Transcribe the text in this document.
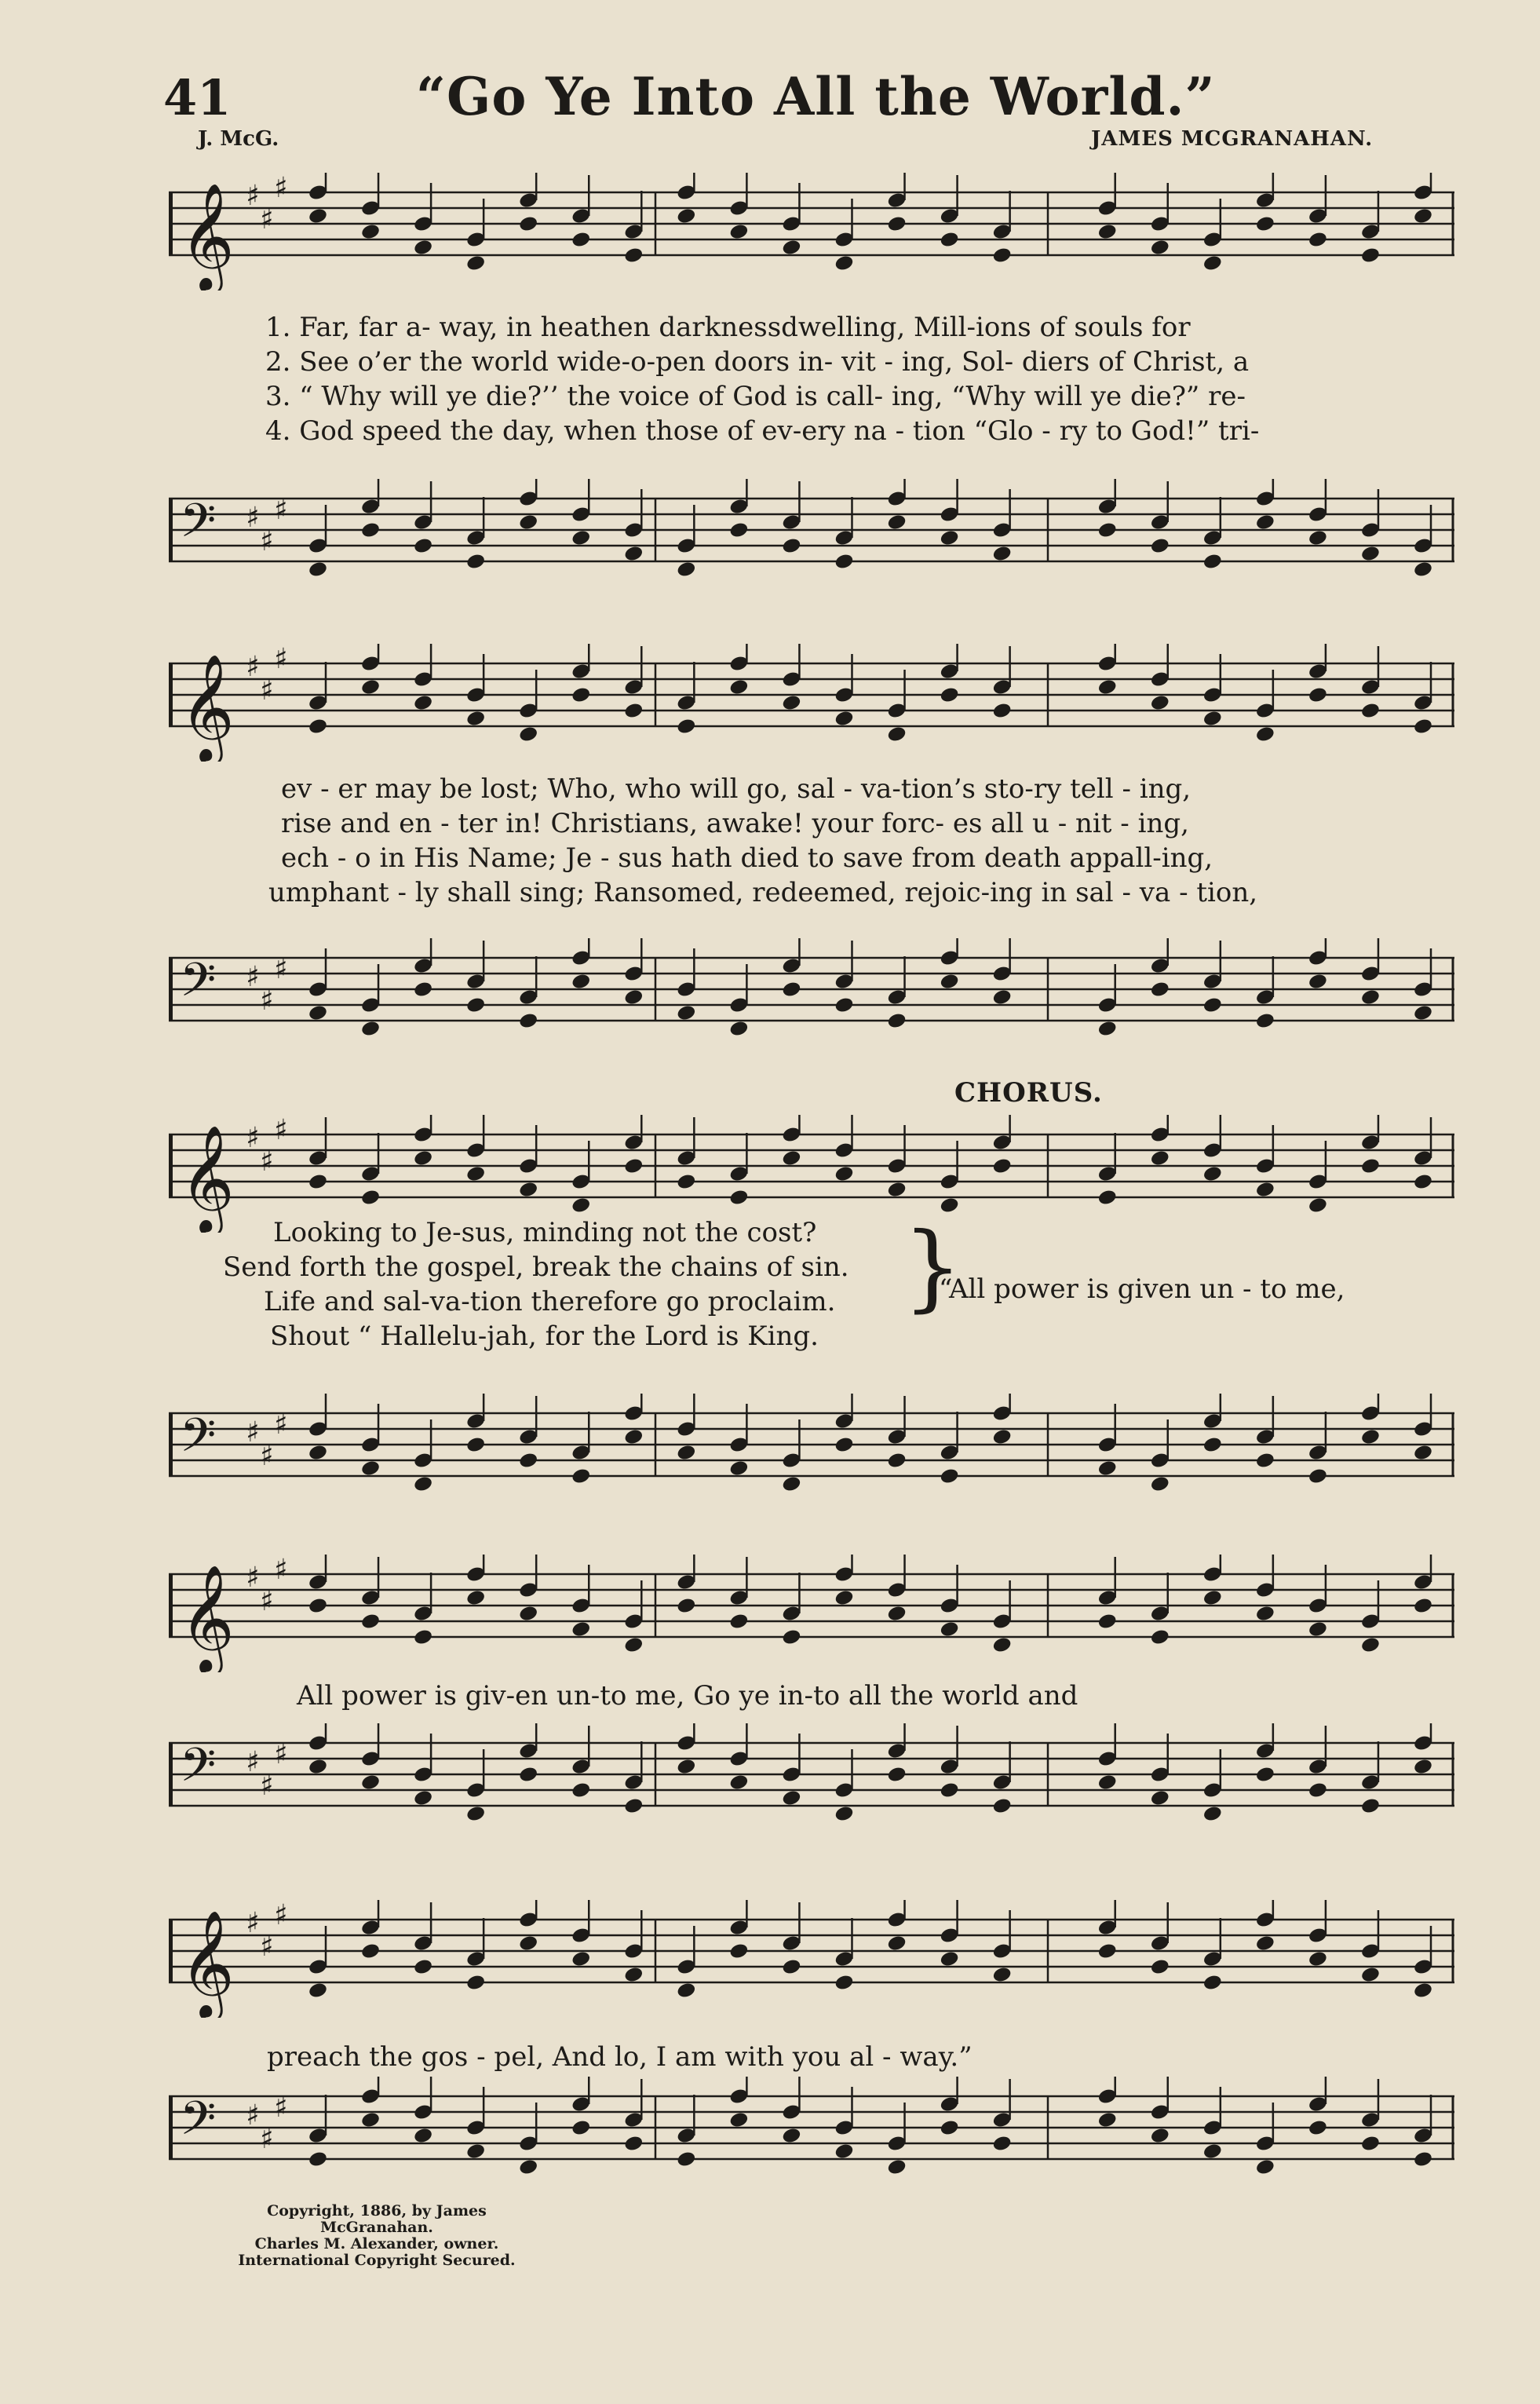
41	“Go Ye Into All the World.”
J. McG.	JAMES MCGRANAHAN.
𝄞 ♯
♯
♯
𝄢 ♯
♯
♯
1. Far, far a- way, in heathen darknessdwelling, Mill-ions of souls for
2. See o’er the world wide-o-pen doors in- vit - ing, Sol- diers of Christ, a
3. “ Why will ye die?’’ the voice of God is call- ing, “Why will ye die?” re-
4. God speed the day, when those of ev-ery na - tion “Glo - ry to God!” tri-
𝄞 ♯
♯
♯
𝄢 ♯
♯
♯
ev - er may be lost; Who, who will go, sal - va-tion’s sto-ry tell - ing,
rise and en - ter in! Christians, awake! your forc- es all u - nit - ing,
ech - o in His Name; Je - sus hath died to save from death appall-ing,
umphant - ly shall sing; Ransomed, redeemed, rejoic-ing in sal - va - tion,
CHORUS.
𝄞 ♯
♯
♯
𝄢 ♯
♯
♯
Looking to Je-sus, minding not the cost?
Send forth the gospel, break the chains of sin.
Life and sal-va-tion therefore go proclaim.
Shout “ Hallelu-jah, for the Lord is King.
}
“All power is given un - to me,
𝄞 ♯
♯
♯
𝄢 ♯
♯
♯
All power is giv-en un-to me, Go ye in-to all the world and
𝄞 ♯
♯
♯
𝄢 ♯
♯
♯
preach the gos - pel, And lo, I am with you al - way.”
Copyright, 1886, by James McGranahan.
Charles M. Alexander, owner.
International Copyright Secured.
